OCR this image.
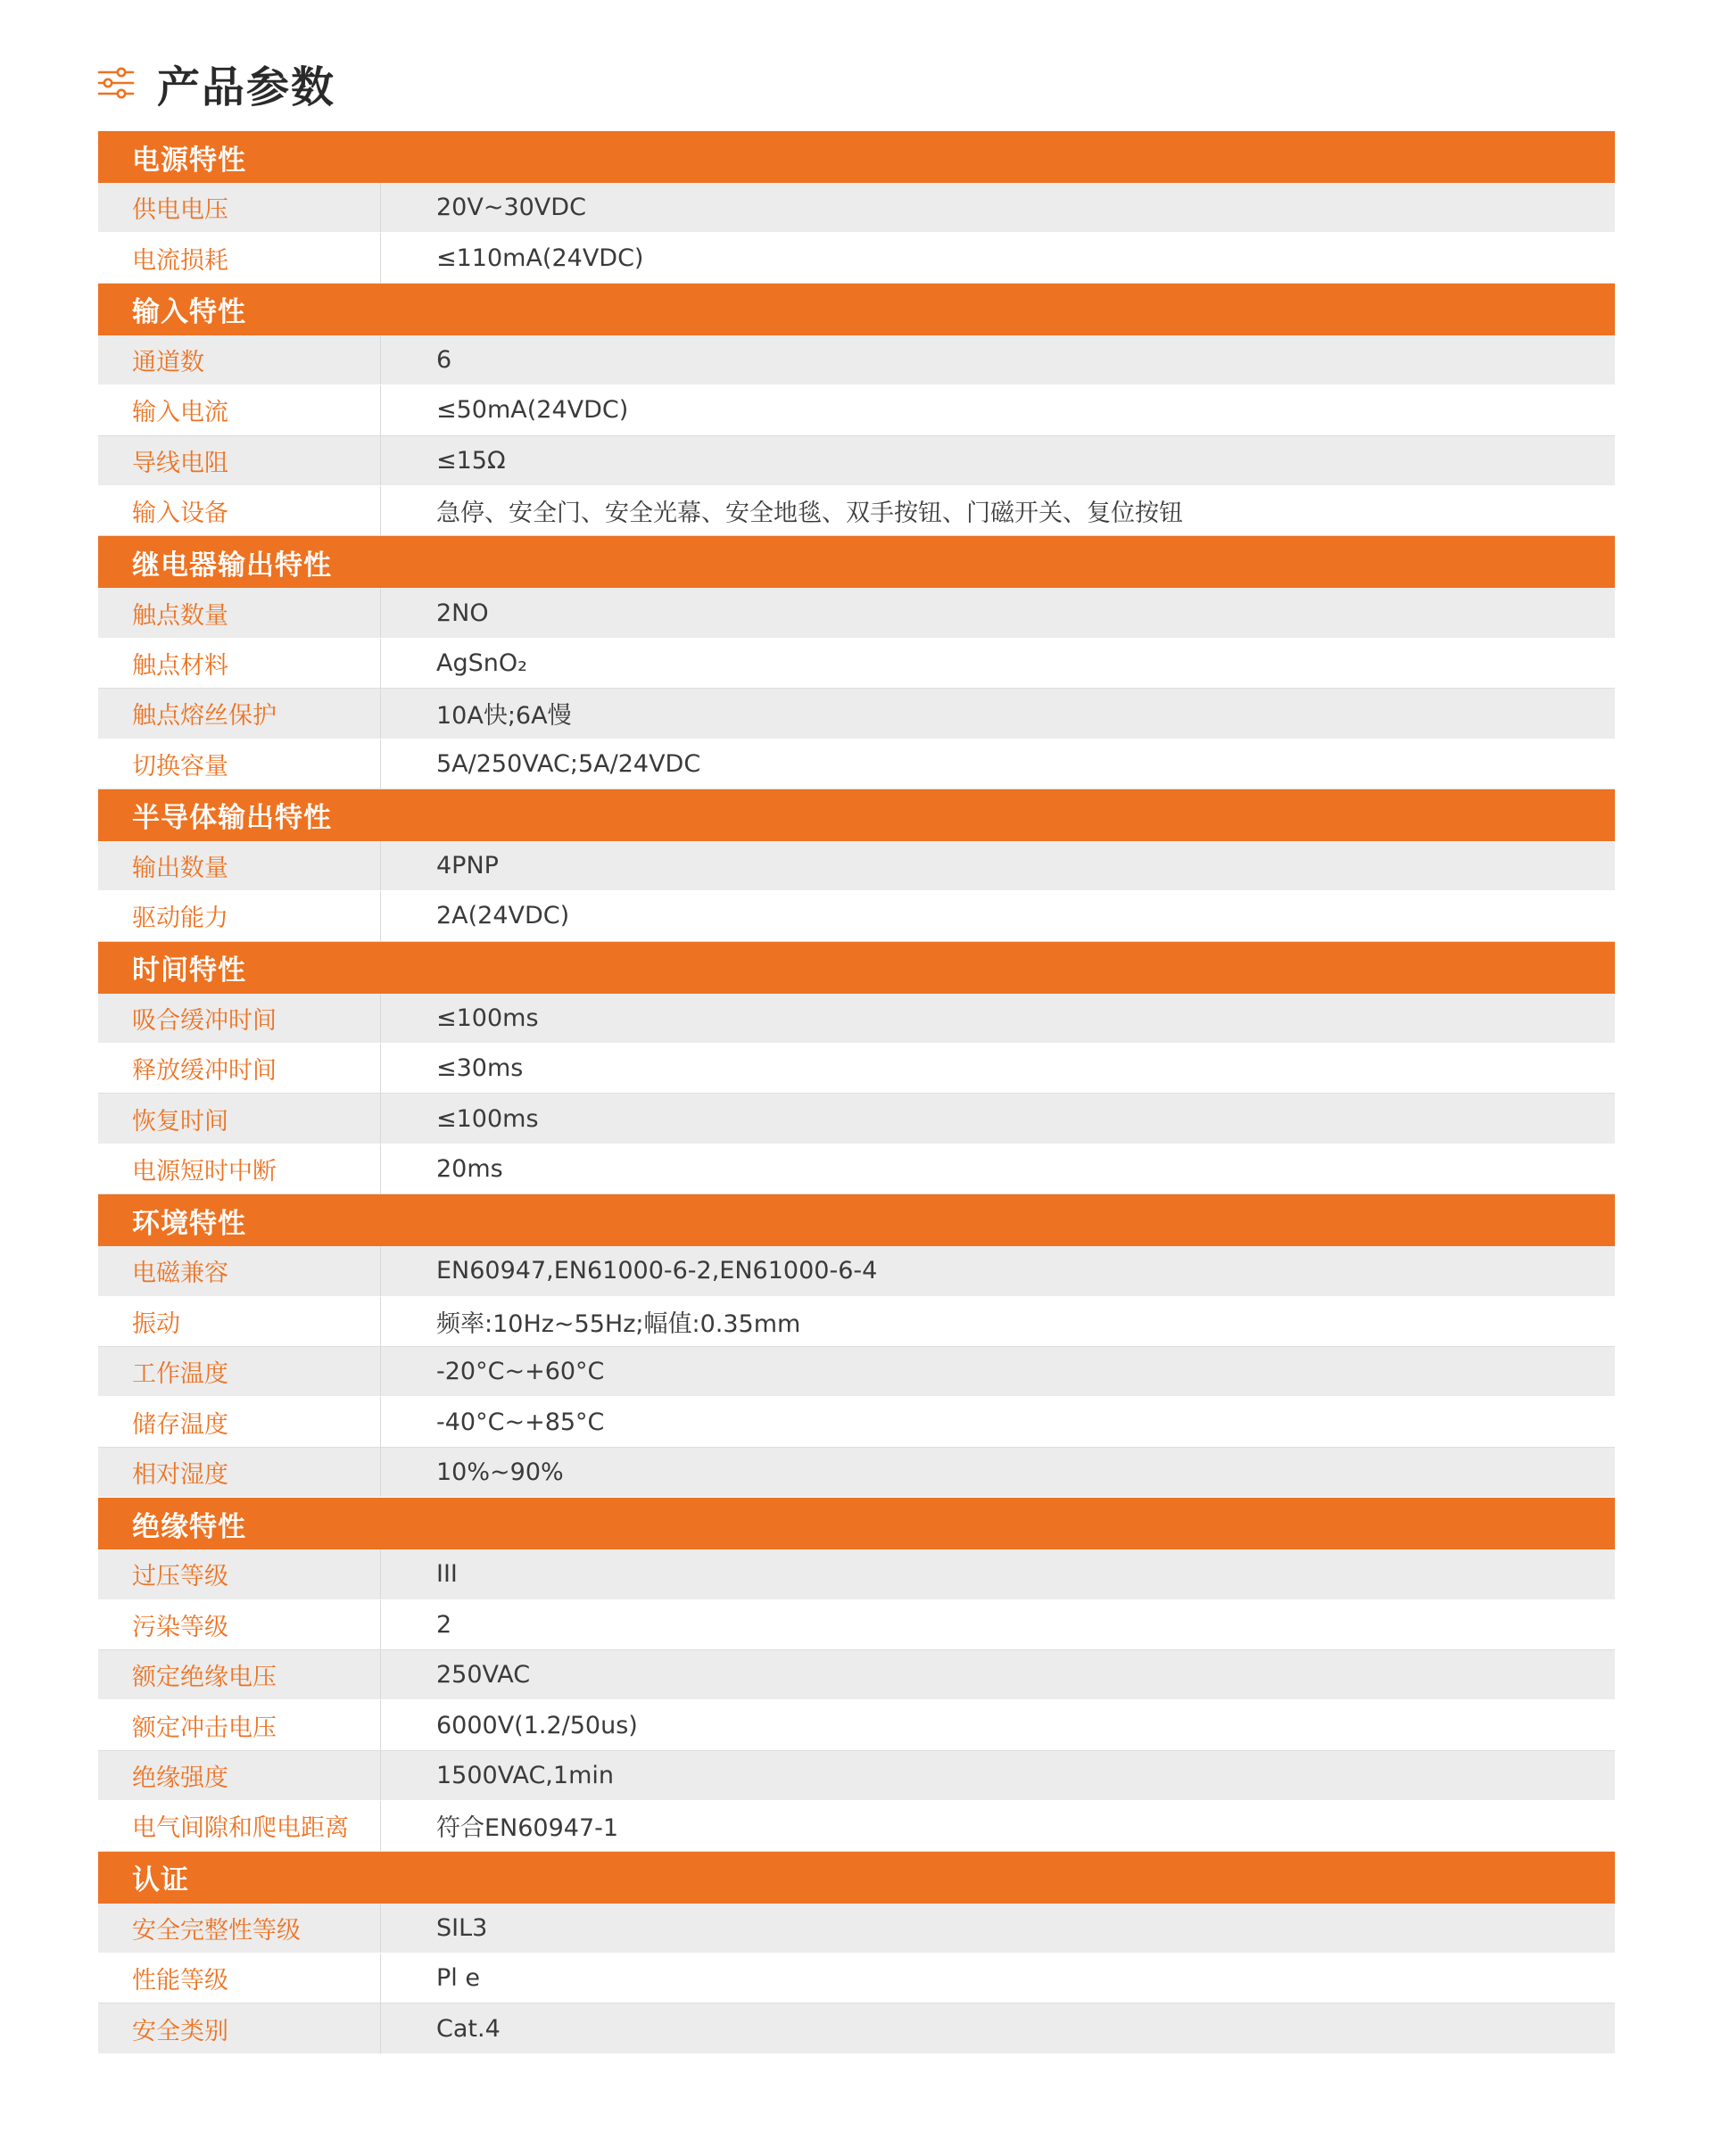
产品参数
电源特性
供电电压	20V~30VDC
电流损耗	≤110mA(24VDC)
输入特性
通道数	6
输入电流	≤50mA(24VDC)
导线电阻	≤15Ω
输入设备	急停、安全门、安全光幕、安全地毯、双手按钮、门磁开关、复位按钮
继电器输出特性
触点数量	2NO
触点材料	AgSnO₂
触点熔丝保护	10A快;6A慢
切换容量	5A/250VAC;5A/24VDC
半导体输出特性
输出数量	4PNP
驱动能力	2A(24VDC)
时间特性
吸合缓冲时间	≤100ms
释放缓冲时间	≤30ms
恢复时间	≤100ms
电源短时中断	20ms
环境特性
电磁兼容	EN60947,EN61000-6-2,EN61000-6-4
振动	频率:10Hz~55Hz;幅值:0.35mm
工作温度	-20°C~+60°C
储存温度	-40°C~+85°C
相对湿度	10%~90%
绝缘特性
过压等级	III
污染等级	2
额定绝缘电压	250VAC
额定冲击电压	6000V(1.2/50us)
绝缘强度	1500VAC,1min
电气间隙和爬电距离	符合EN60947-1
认证
安全完整性等级	SIL3
性能等级	Pl e
安全类别	Cat.4
